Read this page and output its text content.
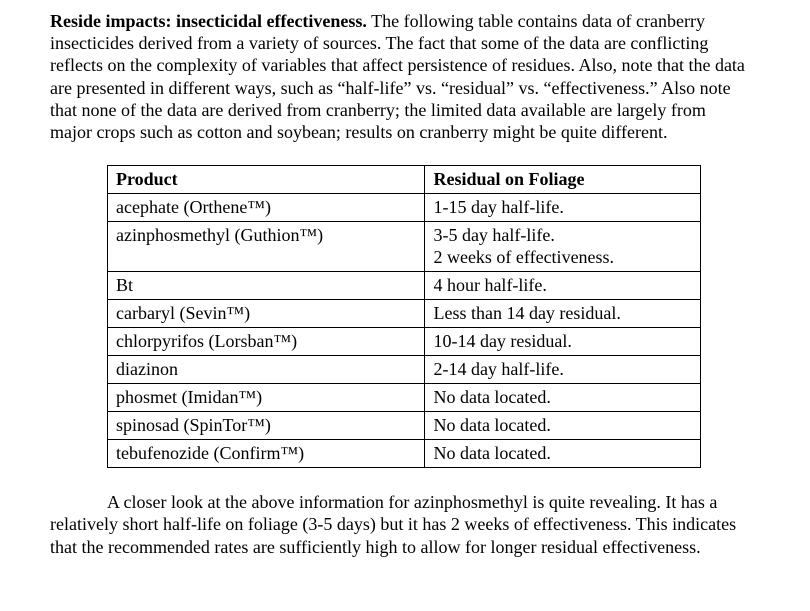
Reside impacts: insecticidal effectiveness. The following table contains data of cranberry insecticides derived from a variety of sources. The fact that some of the data are conflicting reflects on the complexity of variables that affect persistence of residues. Also, note that the data are presented in different ways, such as “half-life” vs. “residual” vs. “effectiveness.” Also note that none of the data are derived from cranberry; the limited data available are largely from major crops such as cotton and soybean; results on cranberry might be quite different.

Product	Residual on Foliage
acephate (Orthene™)	1-15 day half-life.
azinphosmethyl (Guthion™)	3-5 day half-life.
2 weeks of effectiveness.

Bt	4 hour half-life.
carbaryl (Sevin™)	Less than 14 day residual.
chlorpyrifos (Lorsban™)	10-14 day residual.
diazinon	2-14 day half-life.
phosmet (Imidan™)	No data located.
spinosad (SpinTor™)	No data located.
tebufenozide (Confirm™)	No data located.

A closer look at the above information for azinphosmethyl is quite revealing. It has a relatively short half-life on foliage (3-5 days) but it has 2 weeks of effectiveness. This indicates that the recommended rates are sufficiently high to allow for longer residual effectiveness.
